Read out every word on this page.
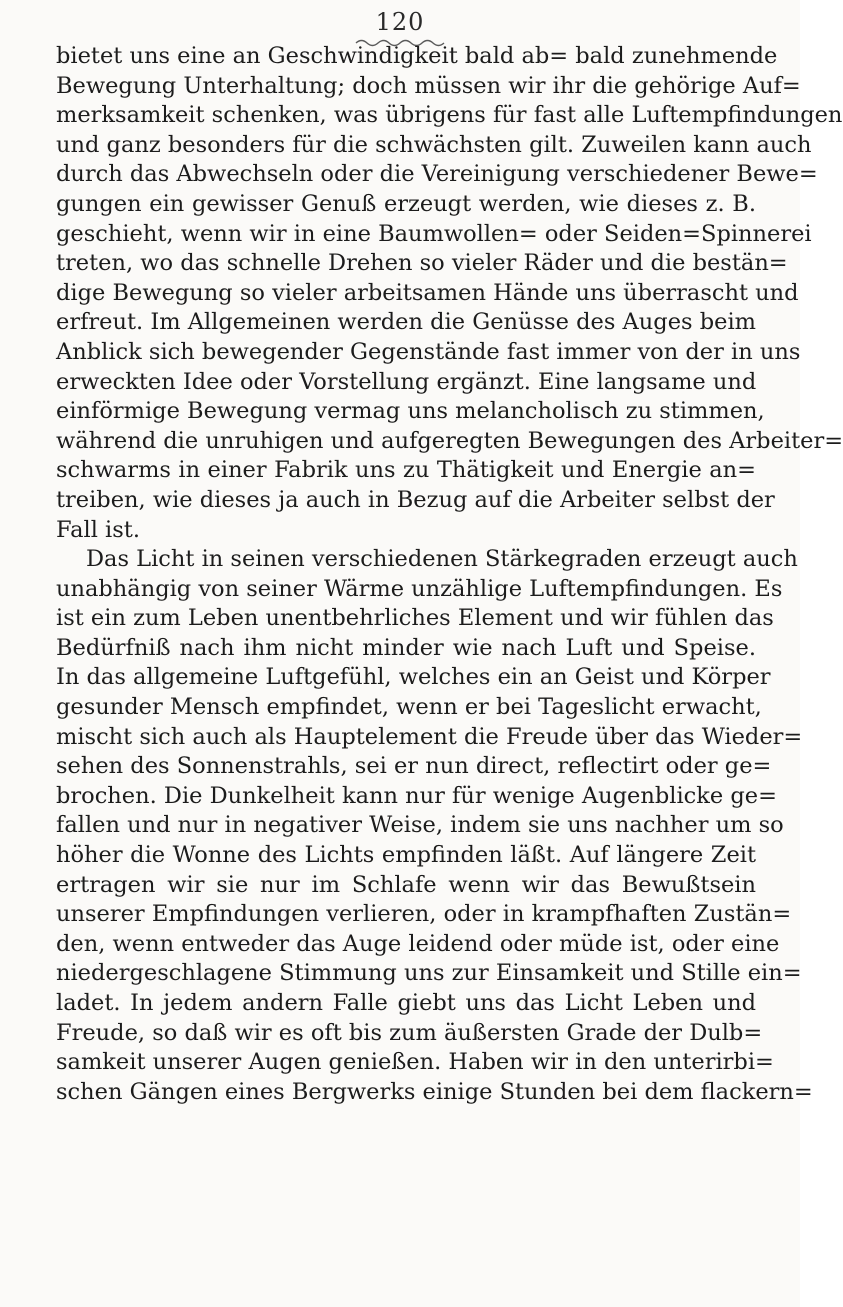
120
bietet uns eine an Geschwindigkeit bald ab= bald zunehmende
Bewegung Unterhaltung; doch müssen wir ihr die gehörige Auf=
merksamkeit schenken, was übrigens für fast alle Luftempfindungen
und ganz besonders für die schwächsten gilt. Zuweilen kann auch
durch das Abwechseln oder die Vereinigung verschiedener Bewe=
gungen ein gewisser Genuß erzeugt werden, wie dieses z. B.
geschieht, wenn wir in eine Baumwollen= oder Seiden=Spinnerei
treten, wo das schnelle Drehen so vieler Räder und die bestän=
dige Bewegung so vieler arbeitsamen Hände uns überrascht und
erfreut. Im Allgemeinen werden die Genüsse des Auges beim
Anblick sich bewegender Gegenstände fast immer von der in uns
erweckten Idee oder Vorstellung ergänzt. Eine langsame und
einförmige Bewegung vermag uns melancholisch zu stimmen,
während die unruhigen und aufgeregten Bewegungen des Arbeiter=
schwarms in einer Fabrik uns zu Thätigkeit und Energie an=
treiben, wie dieses ja auch in Bezug auf die Arbeiter selbst der
Fall ist.
Das Licht in seinen verschiedenen Stärkegraden erzeugt auch
unabhängig von seiner Wärme unzählige Luftempfindungen. Es
ist ein zum Leben unentbehrliches Element und wir fühlen das
Bedürfniß nach ihm nicht minder wie nach Luft und Speise.
In das allgemeine Luftgefühl, welches ein an Geist und Körper
gesunder Mensch empfindet, wenn er bei Tageslicht erwacht,
mischt sich auch als Hauptelement die Freude über das Wieder=
sehen des Sonnenstrahls, sei er nun direct, reflectirt oder ge=
brochen. Die Dunkelheit kann nur für wenige Augenblicke ge=
fallen und nur in negativer Weise, indem sie uns nachher um so
höher die Wonne des Lichts empfinden läßt. Auf längere Zeit
ertragen wir sie nur im Schlafe wenn wir das Bewußtsein
unserer Empfindungen verlieren, oder in krampfhaften Zustän=
den, wenn entweder das Auge leidend oder müde ist, oder eine
niedergeschlagene Stimmung uns zur Einsamkeit und Stille ein=
ladet. In jedem andern Falle giebt uns das Licht Leben und
Freude, so daß wir es oft bis zum äußersten Grade der Dulb=
samkeit unserer Augen genießen. Haben wir in den unterirbi=
schen Gängen eines Bergwerks einige Stunden bei dem flackern=
